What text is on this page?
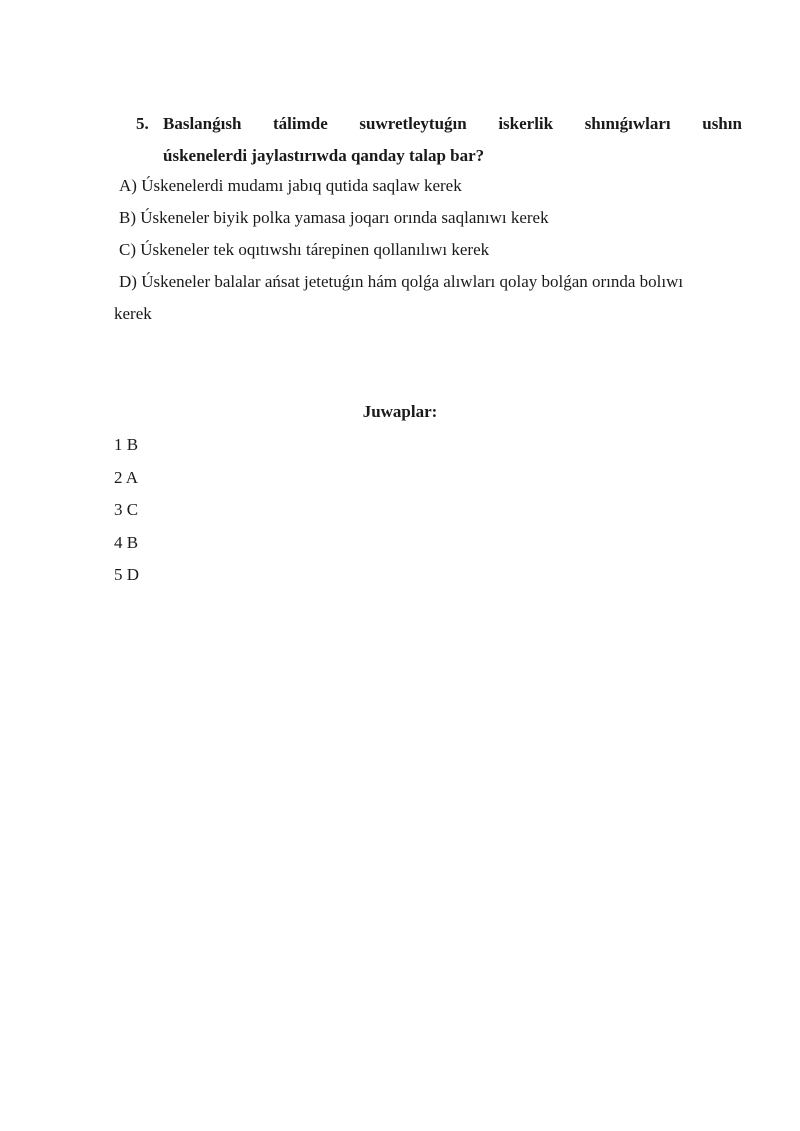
5. Baslanǵısh tálimde suwretleytuǵın iskerlik shınıǵıwları ushın
úskenelerdi jaylastırıwda qanday talap bar?
A) Úskenelerdi mudamı jabıq qutida saqlaw kerek
B) Úskeneler biyik polka yamasa joqarı orında saqlanıwı kerek
C) Úskeneler tek oqıtıwshı tárepinen qollanılıwı kerek
D) Úskeneler balalar ańsat jetetuǵın hám qolǵa alıwları qolay bolǵan orında bolıwı
kerek
Juwaplar:
1 B
2 A
3 C
4 B
5 D
